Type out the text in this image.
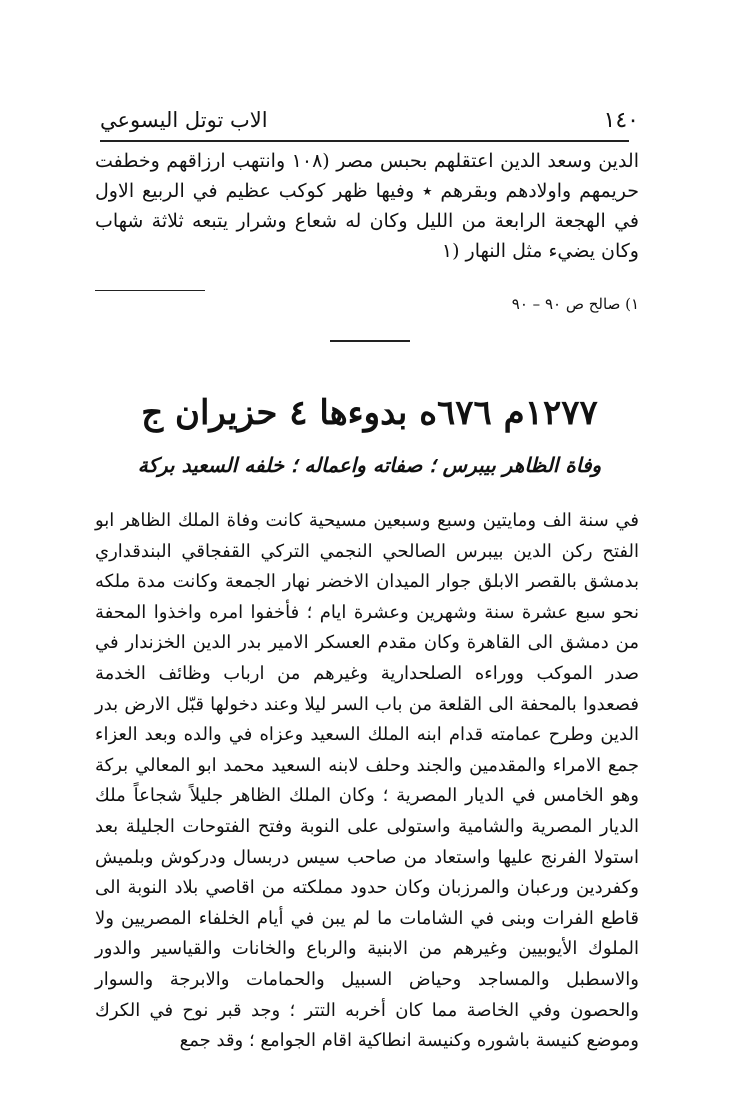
١٤٠
الاب توتل اليسوعي

الدين وسعد الدين اعتقلهم بحبس مصر (١٠٨ وانتهب ارزاقهم وخطفت حريمهم واولادهم وبقرهم ٭ وفيها ظهر كوكب عظيم في الربيع الاول في الهجعة الرابعة من الليل وكان له شعاع وشرار يتبعه ثلاثة شهاب وكان يضيء مثل النهار (١

١) صالح ص ٩٠ – ٩٠
١٢٧٧م ٦٧٦ه بدوءها ٤ حزيران ج
وفاة الظاهر بيبرس ؛ صفاته واعماله ؛ خلفه السعيد بركة

في سنة الف ومايتين وسبع وسبعين مسيحية كانت وفاة الملك الظاهر ابو الفتح ركن الدين بيبرس الصالحي النجمي التركي القفجاقي البندقداري بدمشق بالقصر الابلق جوار الميدان الاخضر نهار الجمعة وكانت مدة ملكه نحو سبع عشرة سنة وشهرين وعشرة ايام ؛ فأخفوا امره واخذوا المحفة من دمشق الى القاهرة وكان مقدم العسكر الامير بدر الدين الخزندار في صدر الموكب ووراءه الصلحدارية وغيرهم من ارباب وظائف الخدمة فصعدوا بالمحفة الى القلعة من باب السر ليلا وعند دخولها قبّل الارض بدر الدين وطرح عمامته قدام ابنه الملك السعيد وعزاه في والده وبعد العزاء جمع الامراء والمقدمين والجند وحلف لابنه السعيد محمد ابو المعالي بركة وهو الخامس في الديار المصرية ؛ وكان الملك الظاهر جليلاً شجاعاً ملك الديار المصرية والشامية واستولى على النوبة وفتح الفتوحات الجليلة بعد استولا الفرنج عليها واستعاد من صاحب سيس دربسال ودركوش وبلميش وكفردين ورعبان والمرزبان وكان حدود مملكته من اقاصي بلاد النوبة الى قاطع الفرات وبنى في الشامات ما لم يبن في أيام الخلفاء المصريين ولا الملوك الأيوبيين وغيرهم من الابنية والرباع والخانات والقياسير والدور والاسطبل والمساجد وحياض السبيل والحمامات والابرجة والسوار والحصون وفي الخاصة مما كان أخربه التتر ؛ وجد قبر نوح في الكرك وموضع كنيسة باشوره وكنيسة انطاكية اقام الجوامع ؛ وقد جمع
